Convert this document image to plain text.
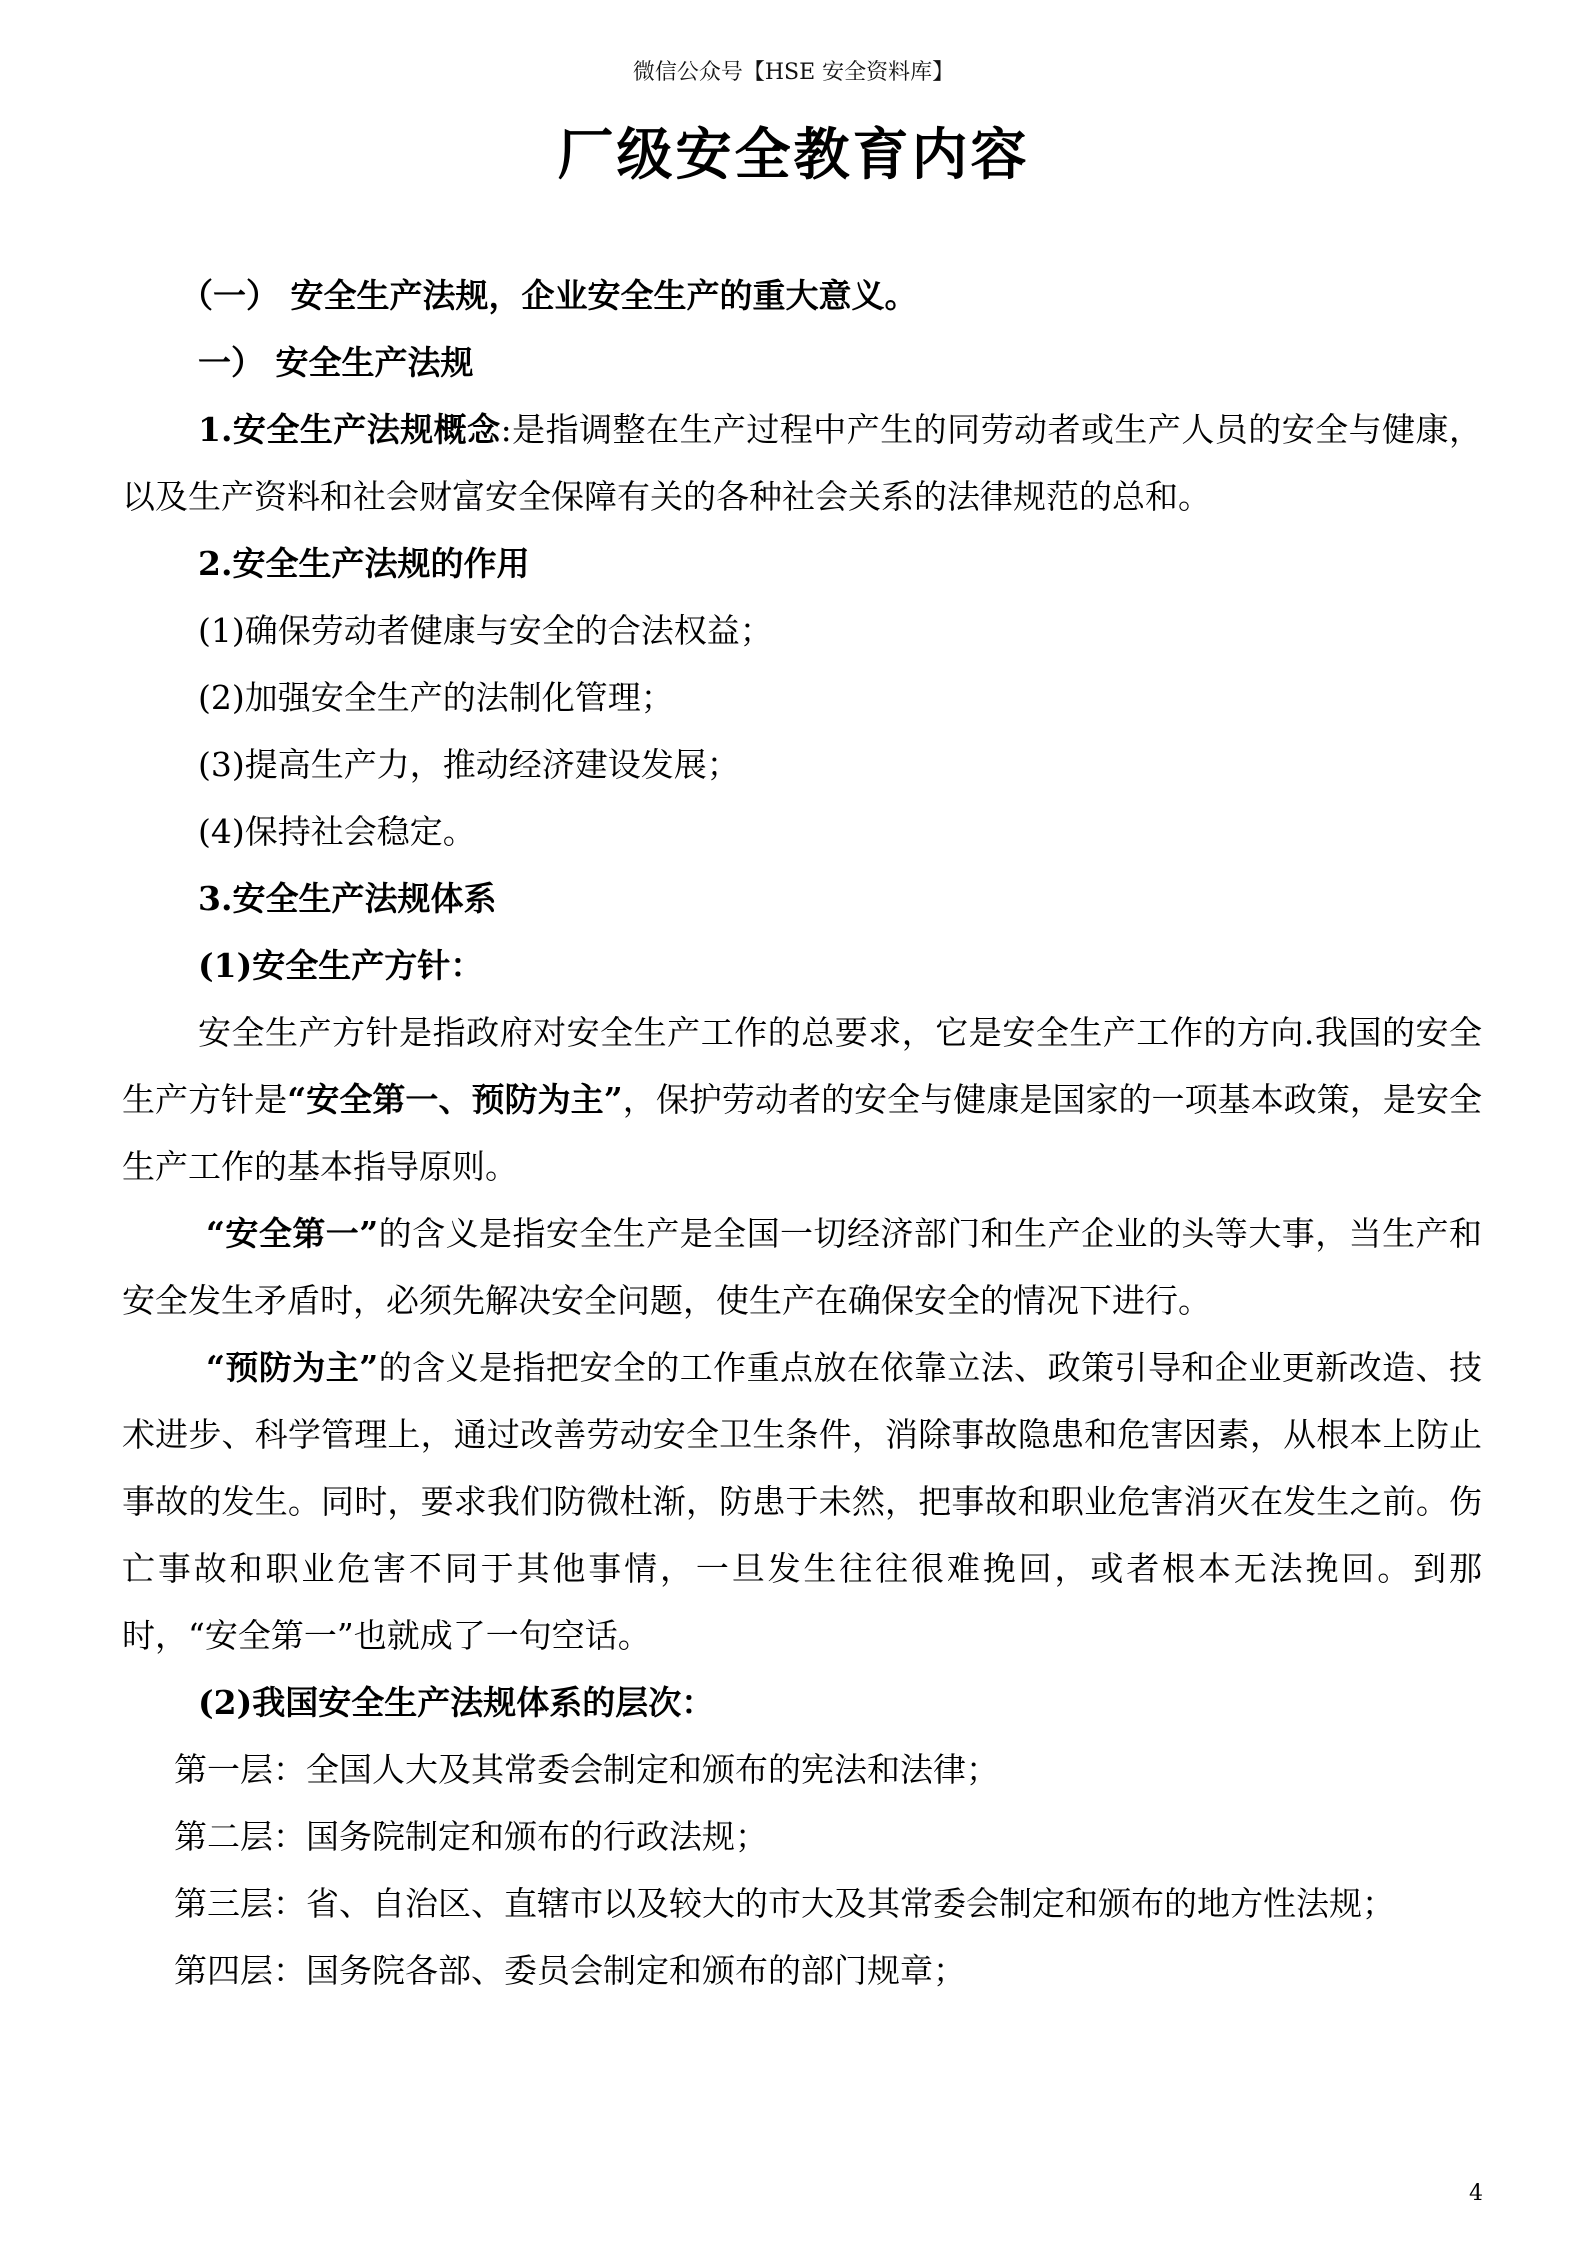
微信公众号【HSE 安全资料库】
厂级安全教育内容

（一） 安全生产法规，企业安全生产的重大意义。

一） 安全生产法规

1.安全生产法规概念:是指调整在生产过程中产生的同劳动者或生产人员的安全与健康，以及生产资料和社会财富安全保障有关的各种社会关系的法律规范的总和。

2.安全生产法规的作用

(1)确保劳动者健康与安全的合法权益；

(2)加强安全生产的法制化管理；

(3)提高生产力，推动经济建设发展；

(4)保持社会稳定。

3.安全生产法规体系

(1)安全生产方针：

安全生产方针是指政府对安全生产工作的总要求，它是安全生产工作的方向.我国的安全生产方针是“安全第一、预防为主”，保护劳动者的安全与健康是国家的一项基本政策，是安全生产工作的基本指导原则。

“安全第一”的含义是指安全生产是全国一切经济部门和生产企业的头等大事，当生产和安全发生矛盾时，必须先解决安全问题，使生产在确保安全的情况下进行。

“预防为主”的含义是指把安全的工作重点放在依靠立法、政策引导和企业更新改造、技术进步、科学管理上，通过改善劳动安全卫生条件，消除事故隐患和危害因素，从根本上防止事故的发生。同时，要求我们防微杜渐，防患于未然，把事故和职业危害消灭在发生之前。伤亡事故和职业危害不同于其他事情，一旦发生往往很难挽回，或者根本无法挽回。到那时，“安全第一”也就成了一句空话。

(2)我国安全生产法规体系的层次：

第一层：全国人大及其常委会制定和颁布的宪法和法律；

第二层：国务院制定和颁布的行政法规；

第三层：省、自治区、直辖市以及较大的市大及其常委会制定和颁布的地方性法规；

第四层：国务院各部、委员会制定和颁布的部门规章；

4
